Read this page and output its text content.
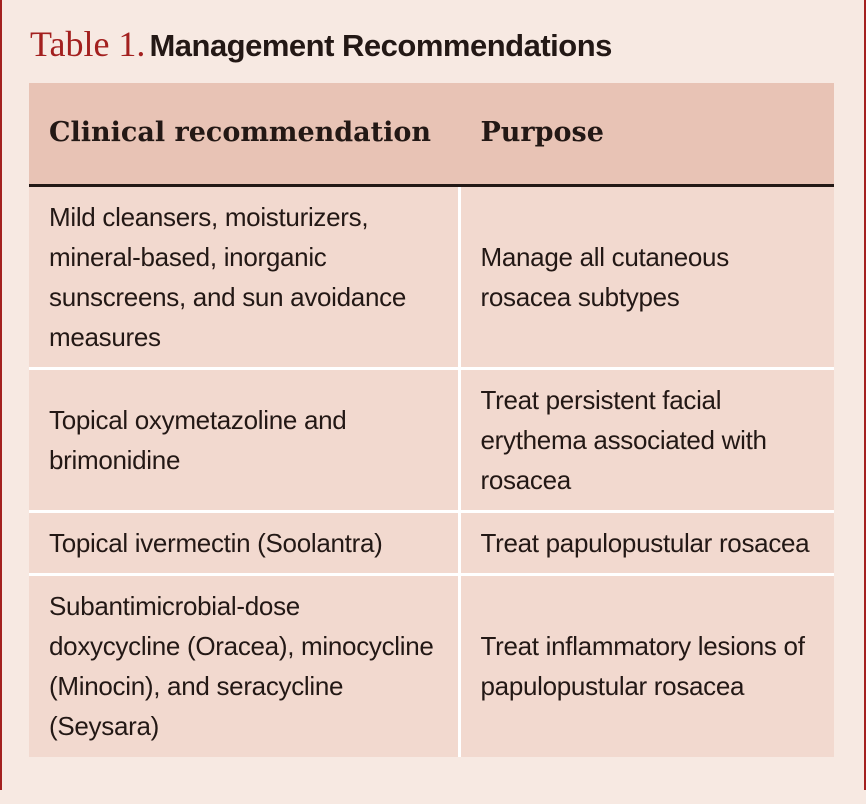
Table 1. Management Recommendations
Clinical recommendation	Purpose
Mild cleansers, moisturizers, mineral-based, inorganic sunscreens, and sun avoidance measures	Manage all cutaneous rosacea subtypes
Topical oxymetazoline and brimonidine	Treat persistent facial erythema associated with rosacea
Topical ivermectin (Soolantra)	Treat papulopustular rosacea
Subantimicrobial-dose doxycycline (Oracea), minocycline (Minocin), and seracycline (Seysara)	Treat inflammatory lesions of papulopustular rosacea
